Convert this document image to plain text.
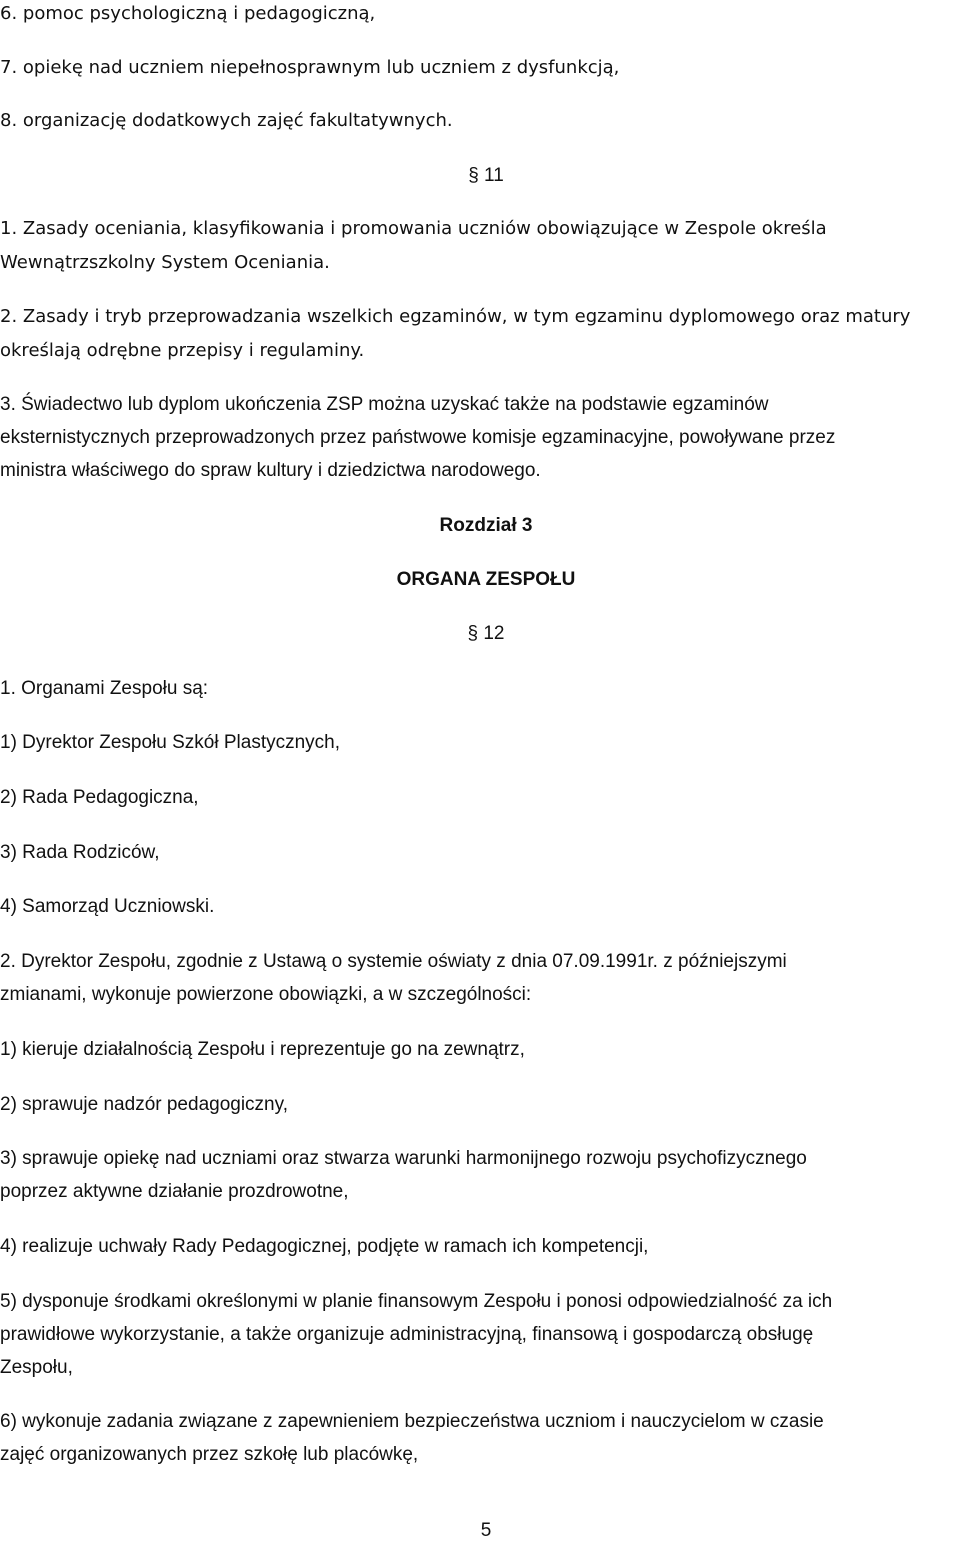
6. pomoc psychologiczną i pedagogiczną,

7. opiekę nad uczniem niepełnosprawnym lub uczniem z dysfunkcją,

8. organizację dodatkowych zajęć fakultatywnych.

§ 11

1. Zasady oceniania, klasyfikowania i promowania uczniów obowiązujące w Zespole określa

Wewnątrzszkolny System Oceniania.

2. Zasady i tryb przeprowadzania wszelkich egzaminów, w tym egzaminu dyplomowego oraz matury

określają odrębne przepisy i regulaminy.

3. Świadectwo lub dyplom ukończenia ZSP można uzyskać także na podstawie egzaminów

eksternistycznych przeprowadzonych przez państwowe komisje egzaminacyjne, powoływane przez

ministra właściwego do spraw kultury i dziedzictwa narodowego.

Rozdział 3

ORGANA ZESPOŁU

§ 12

1. Organami Zespołu są:

1) Dyrektor Zespołu Szkół Plastycznych,

2) Rada Pedagogiczna,

3) Rada Rodziców,

4) Samorząd Uczniowski.

2. Dyrektor Zespołu, zgodnie z Ustawą o systemie oświaty z dnia 07.09.1991r. z późniejszymi

zmianami, wykonuje powierzone obowiązki, a w szczególności:

1) kieruje działalnością Zespołu i reprezentuje go na zewnątrz,

2) sprawuje nadzór pedagogiczny,

3) sprawuje opiekę nad uczniami oraz stwarza warunki harmonijnego rozwoju psychofizycznego

poprzez aktywne działanie prozdrowotne,

4) realizuje uchwały Rady Pedagogicznej, podjęte w ramach ich kompetencji,

5) dysponuje środkami określonymi w planie finansowym Zespołu i ponosi odpowiedzialność za ich

prawidłowe wykorzystanie, a także organizuje administracyjną, finansową i gospodarczą obsługę

Zespołu,

6) wykonuje zadania związane z zapewnieniem bezpieczeństwa uczniom i nauczycielom w czasie

zajęć organizowanych przez szkołę lub placówkę,

5
